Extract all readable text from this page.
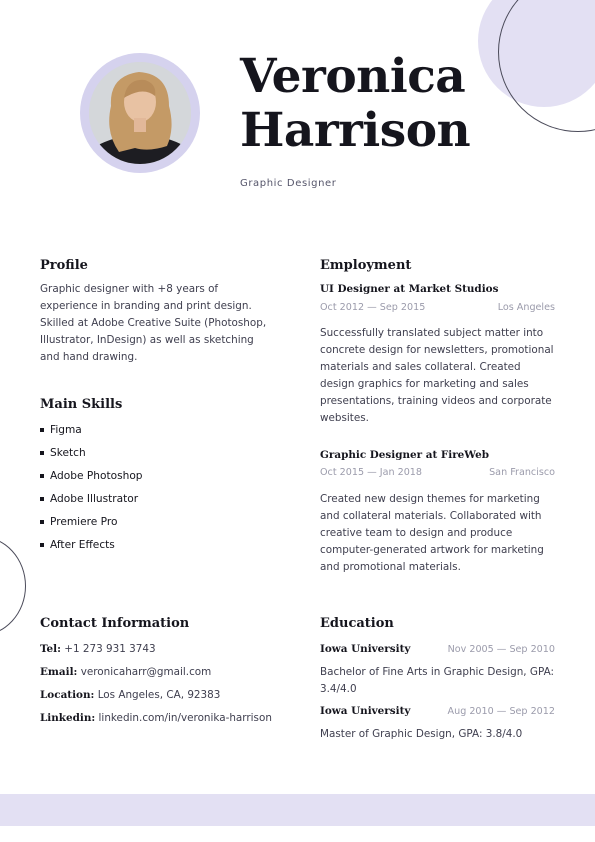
Veronica
Harrison
Graphic Designer
Profile
Graphic designer with +8 years of
experience in branding and print design.
Skilled at Adobe Creative Suite (Photoshop,
Illustrator, InDesign) as well as sketching
and hand drawing.
Main Skills
Figma
Sketch
Adobe Photoshop
Adobe Illustrator
Premiere Pro
After Effects
Employment
UI Designer at Market Studios
Oct 2012 — Sep 2015	Los Angeles
Successfully translated subject matter into
concrete design for newsletters, promotional
materials and sales collateral. Created
design graphics for marketing and sales
presentations, training videos and corporate
websites.
Graphic Designer at FireWeb
Oct 2015 — Jan 2018	San Francisco
Created new design themes for marketing
and collateral materials. Collaborated with
creative team to design and produce
computer-generated artwork for marketing
and promotional materials.
Contact Information
Tel: +1 273 931 3743
Email: veronicaharr@gmail.com
Location: Los Angeles, CA, 92383
Linkedin: linkedin.com/in/veronika-harrison
Education
Iowa University	Nov 2005 — Sep 2010
Bachelor of Fine Arts in Graphic Design, GPA:
3.4/4.0
Iowa University	Aug 2010 — Sep 2012
Master of Graphic Design, GPA: 3.8/4.0
